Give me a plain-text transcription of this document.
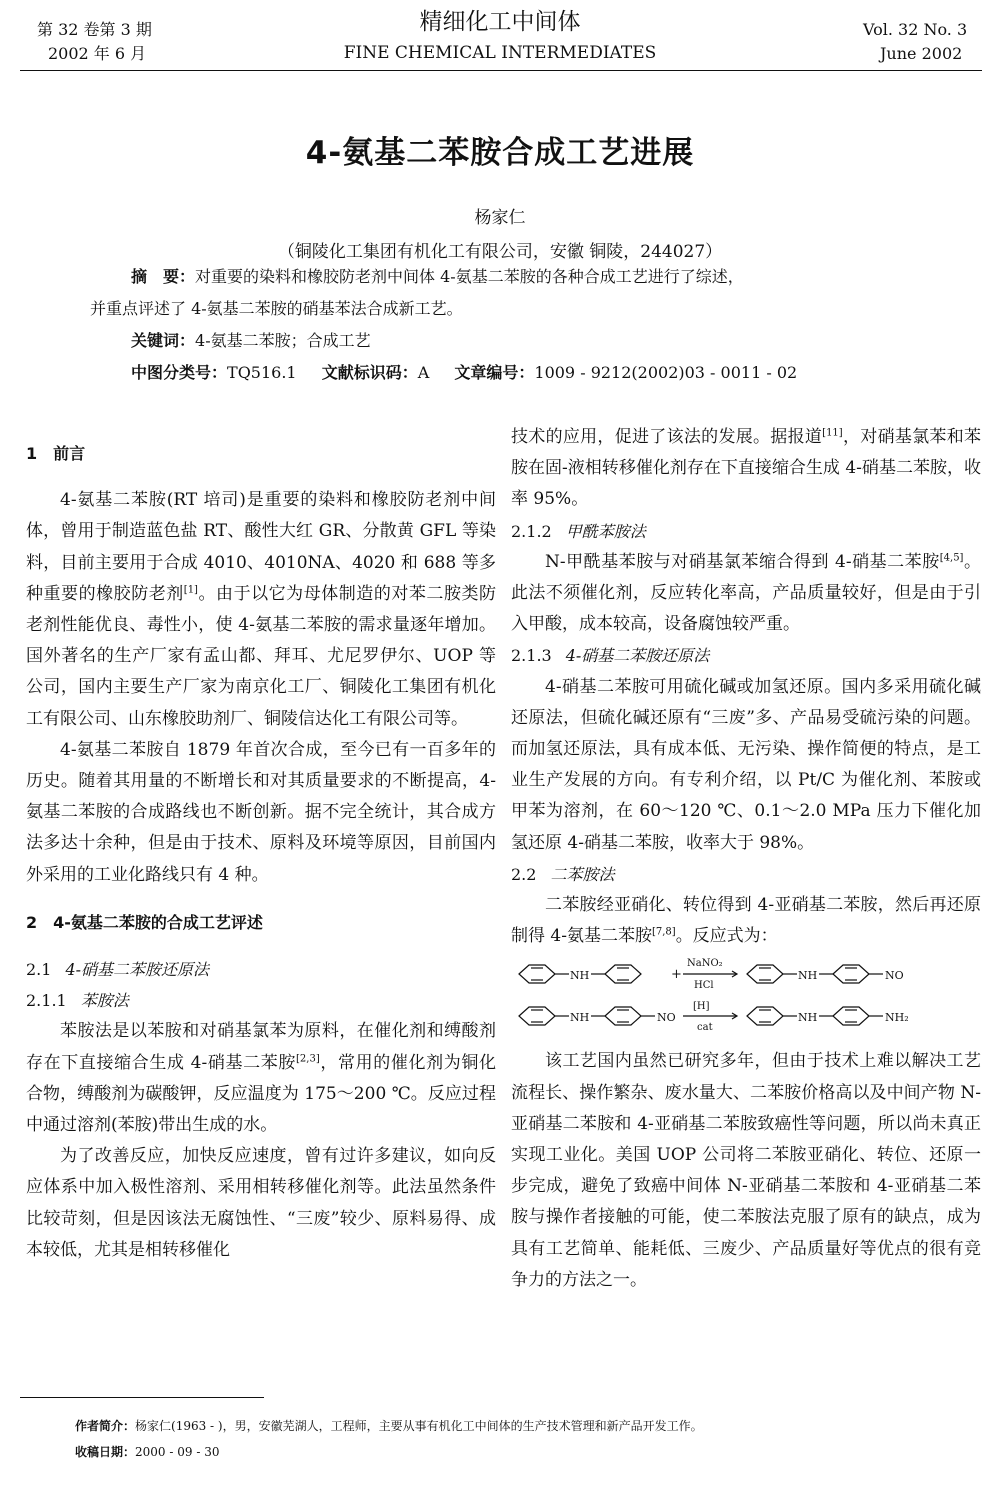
第 32 卷第 3 期
2002 年 6 月
精细化工中间体
FINE CHEMICAL INTERMEDIATES
Vol. 32 No. 3
June 2002
4-氨基二苯胺合成工艺进展
杨家仁
（铜陵化工集团有机化工有限公司，安徽 铜陵，244027）
摘　要：对重要的染料和橡胶防老剂中间体 4-氨基二苯胺的各种合成工艺进行了综述，
并重点评述了 4-氨基二苯胺的硝基苯法合成新工艺。
关键词：4-氨基二苯胺；合成工艺
中图分类号：TQ516.1 文献标识码：A 文章编号：1009 - 9212(2002)03 - 0011 - 02
1　前言

4-氨基二苯胺(RT 培司)是重要的染料和橡胶防老剂中间体，曾用于制造蓝色盐 RT、酸性大红 GR、分散黄 GFL 等染料，目前主要用于合成 4010、4010NA、4020 和 688 等多种重要的橡胶防老剂[1]。由于以它为母体制造的对苯二胺类防老剂性能优良、毒性小，使 4-氨基二苯胺的需求量逐年增加。国外著名的生产厂家有孟山都、拜耳、尤尼罗伊尔、UOP 等公司，国内主要生产厂家为南京化工厂、铜陵化工集团有机化工有限公司、山东橡胶助剂厂、铜陵信达化工有限公司等。

4-氨基二苯胺自 1879 年首次合成，至今已有一百多年的历史。随着其用量的不断增长和对其质量要求的不断提高，4-氨基二苯胺的合成路线也不断创新。据不完全统计，其合成方法多达十余种，但是由于技术、原料及环境等原因，目前国内外采用的工业化路线只有 4 种。

2　4-氨基二苯胺的合成工艺评述
2.1 4-硝基二苯胺还原法
2.1.1 苯胺法

苯胺法是以苯胺和对硝基氯苯为原料，在催化剂和缚酸剂存在下直接缩合生成 4-硝基二苯胺[2,3]，常用的催化剂为铜化合物，缚酸剂为碳酸钾，反应温度为 175～200 ℃。反应过程中通过溶剂(苯胺)带出生成的水。

为了改善反应，加快反应速度，曾有过许多建议，如向反应体系中加入极性溶剂、采用相转移催化剂等。此法虽然条件比较苛刻，但是因该法无腐蚀性、“三废”较少、原料易得、成本较低，尤其是相转移催化

技术的应用，促进了该法的发展。据报道[11]，对硝基氯苯和苯胺在固-液相转移催化剂存在下直接缩合生成 4-硝基二苯胺，收率 95%。

2.1.2 甲酰苯胺法

N-甲酰基苯胺与对硝基氯苯缩合得到 4-硝基二苯胺[4,5]。此法不须催化剂，反应转化率高，产品质量较好，但是由于引入甲酸，成本较高，设备腐蚀较严重。

2.1.3 4-硝基二苯胺还原法

4-硝基二苯胺可用硫化碱或加氢还原。国内多采用硫化碱还原法，但硫化碱还原有“三废”多、产品易受硫污染的问题。而加氢还原法，具有成本低、无污染、操作简便的特点，是工业生产发展的方向。有专利介绍，以 Pt/C 为催化剂、苯胺或甲苯为溶剂，在 60～120 ℃、0.1～2.0 MPa 压力下催化加氢还原 4-硝基二苯胺，收率大于 98%。

2.2 二苯胺法

二苯胺经亚硝化、转位得到 4-亚硝基二苯胺，然后再还原制得 4-氨基二苯胺[7,8]。反应式为：

NH	+
NaNO₂
HCl
NH	NO
NH	NO
[H]
cat
NH	NH₂

该工艺国内虽然已研究多年，但由于技术上难以解决工艺流程长、操作繁杂、废水量大、二苯胺价格高以及中间产物 N-亚硝基二苯胺和 4-亚硝基二苯胺致癌性等问题，所以尚未真正实现工业化。美国 UOP 公司将二苯胺亚硝化、转位、还原一步完成，避免了致癌中间体 N-亚硝基二苯胺和 4-亚硝基二苯胺与操作者接触的可能，使二苯胺法克服了原有的缺点，成为具有工艺简单、能耗低、三废少、产品质量好等优点的很有竞争力的方法之一。

作者简介：杨家仁(1963 - )，男，安徽芜湖人，工程师，主要从事有机化工中间体的生产技术管理和新产品开发工作。
收稿日期：2000 - 09 - 30
